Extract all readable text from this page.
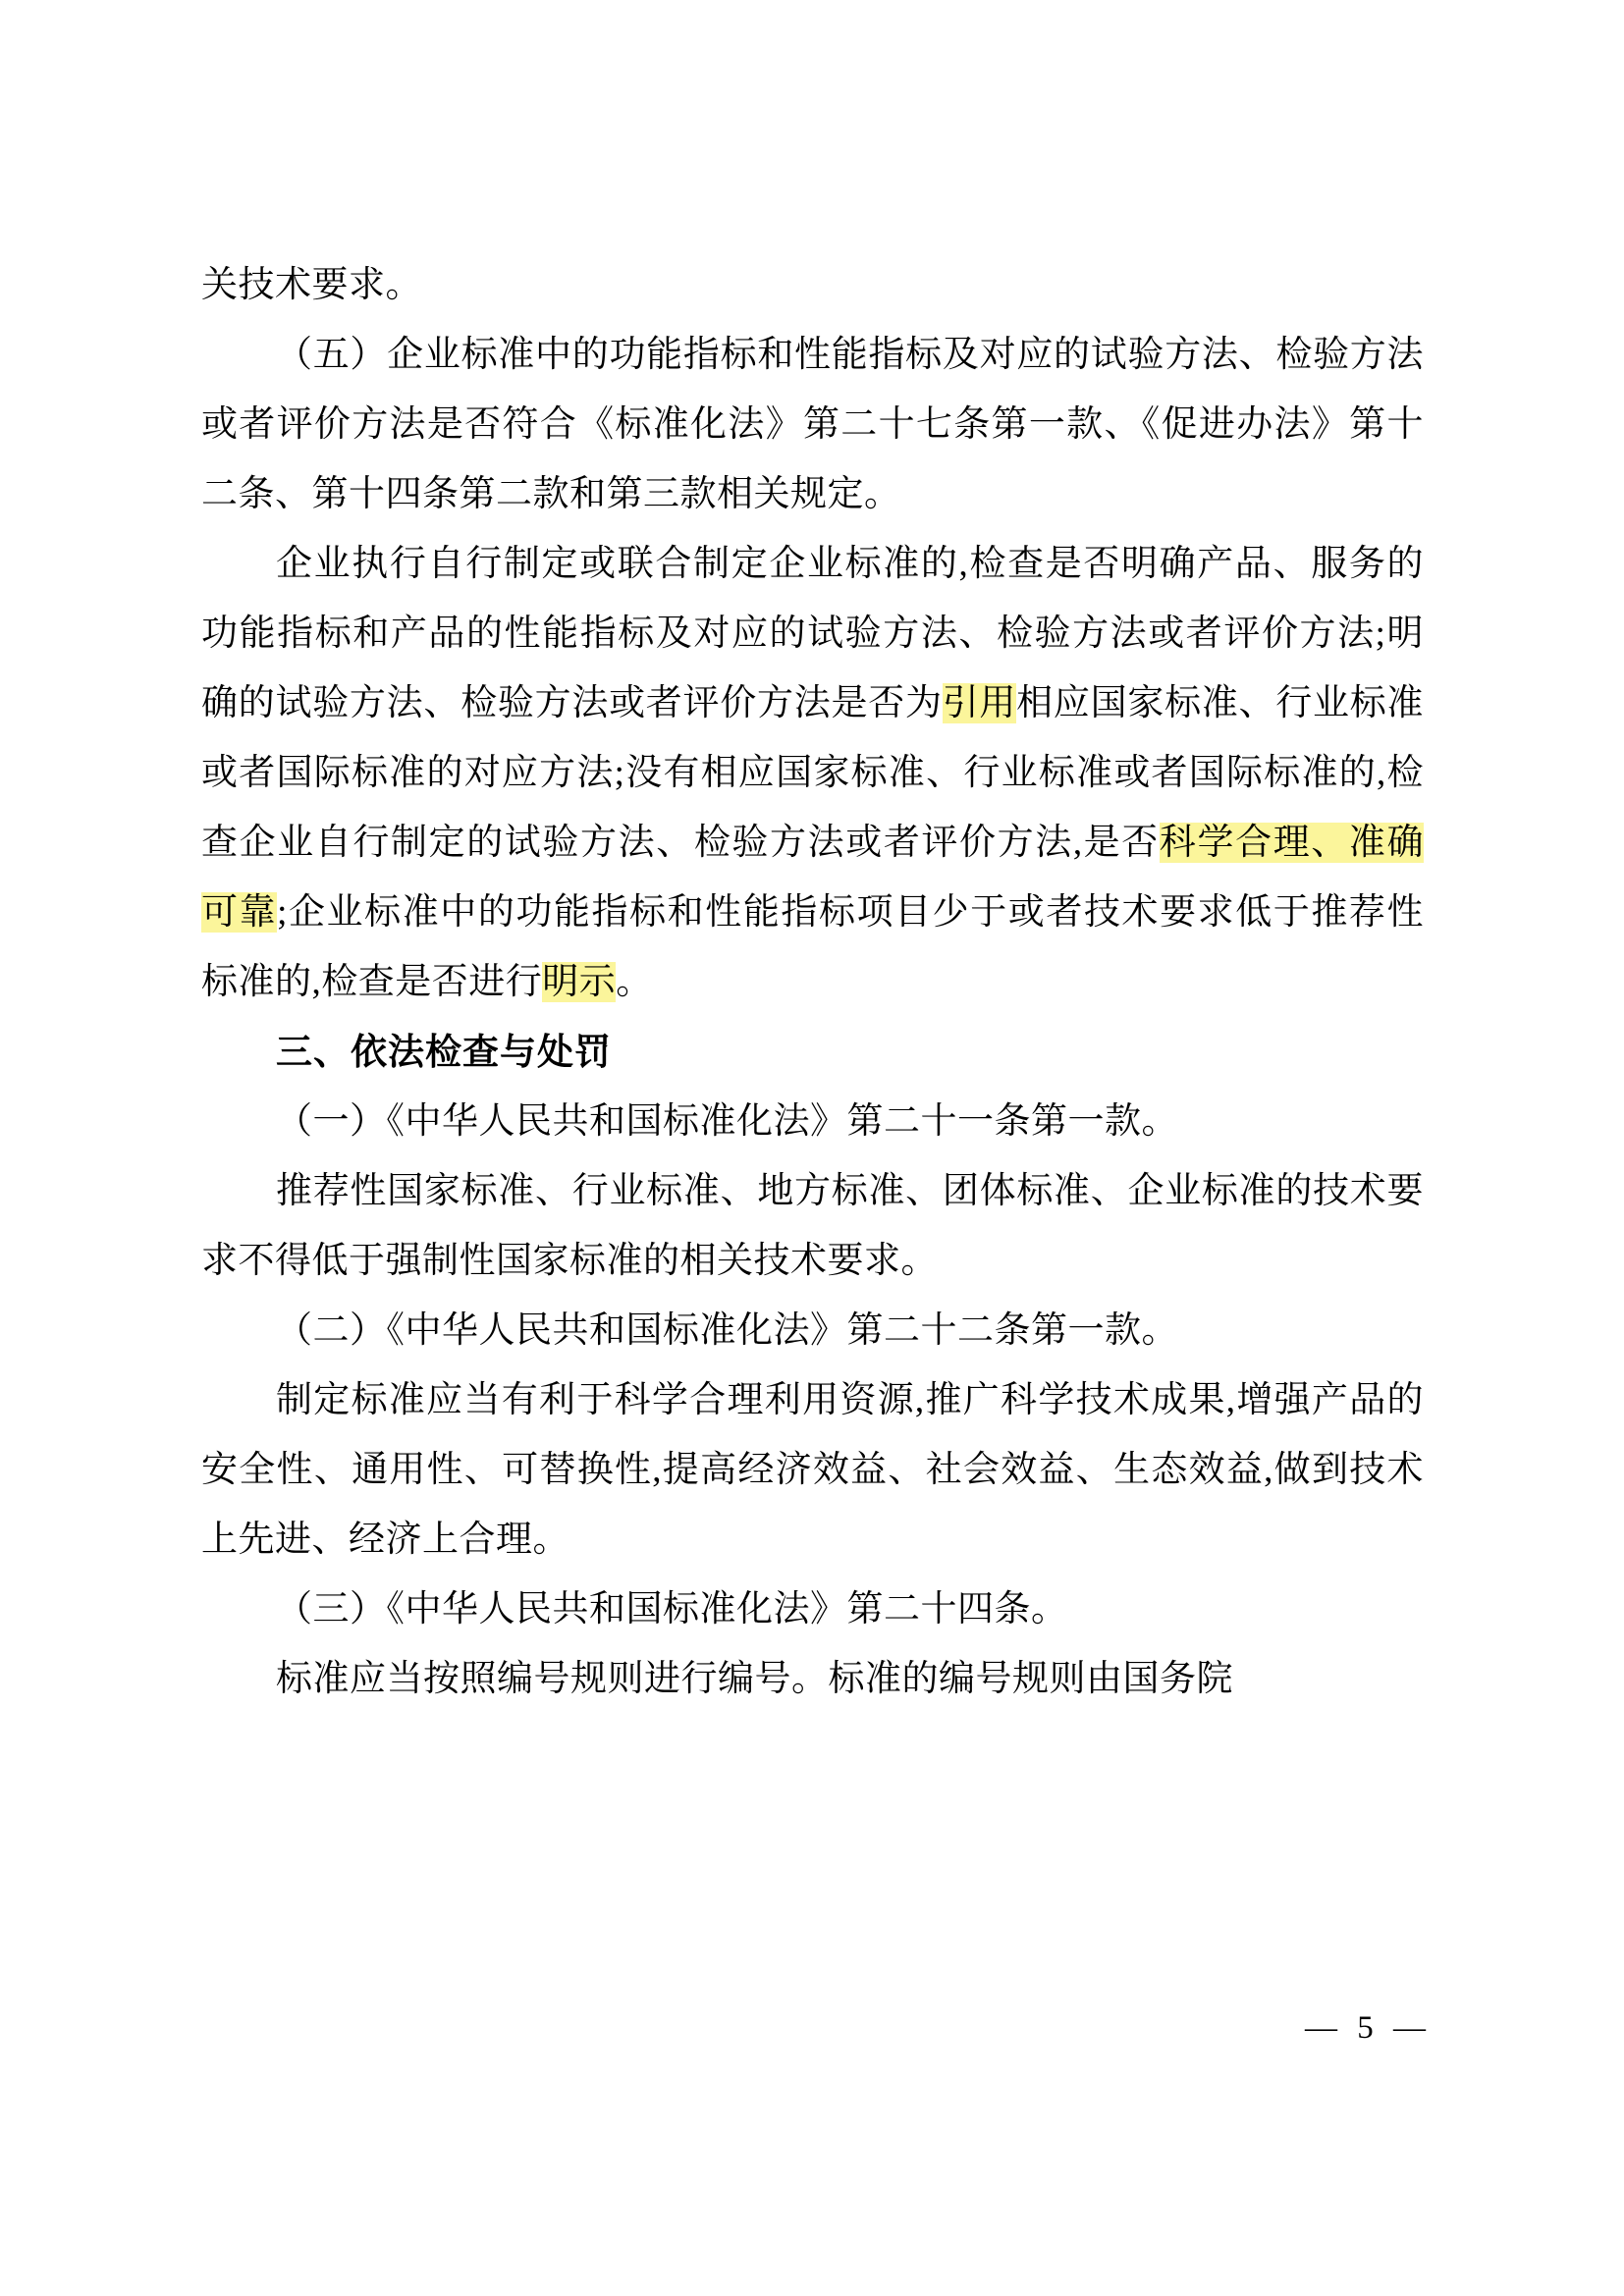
关技术要求。

（五）企业标准中的功能指标和性能指标及对应的试验方法、检验方法或者评价方法是否符合《标准化法》第二十七条第一款、《促进办法》第十二条、第十四条第二款和第三款相关规定。

企业执行自行制定或联合制定企业标准的,检查是否明确产品、服务的功能指标和产品的性能指标及对应的试验方法、检验方法或者评价方法;明确的试验方法、检验方法或者评价方法是否为引用相应国家标准、行业标准或者国际标准的对应方法;没有相应国家标准、行业标准或者国际标准的,检查企业自行制定的试验方法、检验方法或者评价方法,是否科学合理、准确可靠;企业标准中的功能指标和性能指标项目少于或者技术要求低于推荐性标准的,检查是否进行明示。

三、依法检查与处罚

（一）《中华人民共和国标准化法》第二十一条第一款。

推荐性国家标准、行业标准、地方标准、团体标准、企业标准的技术要求不得低于强制性国家标准的相关技术要求。

（二）《中华人民共和国标准化法》第二十二条第一款。

制定标准应当有利于科学合理利用资源,推广科学技术成果,增强产品的安全性、通用性、可替换性,提高经济效益、社会效益、生态效益,做到技术上先进、经济上合理。

（三）《中华人民共和国标准化法》第二十四条。

标准应当按照编号规则进行编号。标准的编号规则由国务院

— 5 —
